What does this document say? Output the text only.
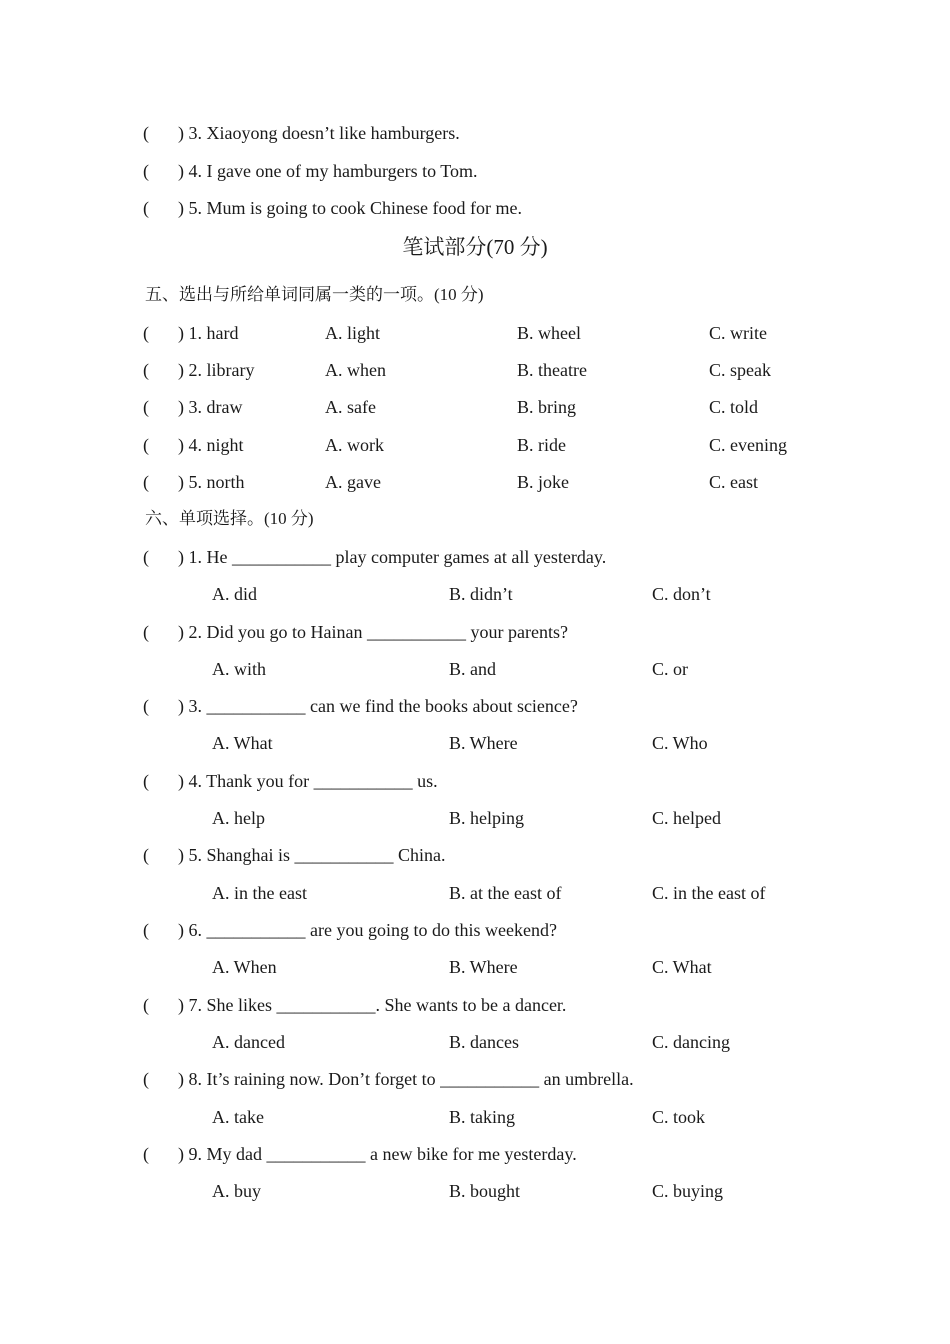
( ) 3. Xiaoyong doesn’t like hamburgers.
( ) 4. I gave one of my hamburgers to Tom.
( ) 5. Mum is going to cook Chinese food for me.
笔试部分(70 分)
五、选出与所给单词同属一类的一项。(10 分)
( ) 1. hard	A. light	B. wheel	C. write
( ) 2. library	A. when	B. theatre	C. speak
( ) 3. draw	A. safe	B. bring	C. told
( ) 4. night	A. work	B. ride	C. evening
( ) 5. north	A. gave	B. joke	C. east
六、单项选择。(10 分)
( ) 1. He ___________ play computer games at all yesterday.
A. did	B. didn’t	C. don’t
( ) 2. Did you go to Hainan ___________ your parents?
A. with	B. and	C. or
( ) 3. ___________ can we find the books about science?
A. What	B. Where	C. Who
( ) 4. Thank you for ___________ us.
A. help	B. helping	C. helped
( ) 5. Shanghai is ___________ China.
A. in the east	B. at the east of	C. in the east of
( ) 6. ___________ are you going to do this weekend?
A. When	B. Where	C. What
( ) 7. She likes ___________. She wants to be a dancer.
A. danced	B. dances	C. dancing
( ) 8. It’s raining now. Don’t forget to ___________ an umbrella.
A. take	B. taking	C. took
( ) 9. My dad ___________ a new bike for me yesterday.
A. buy	B. bought	C. buying
